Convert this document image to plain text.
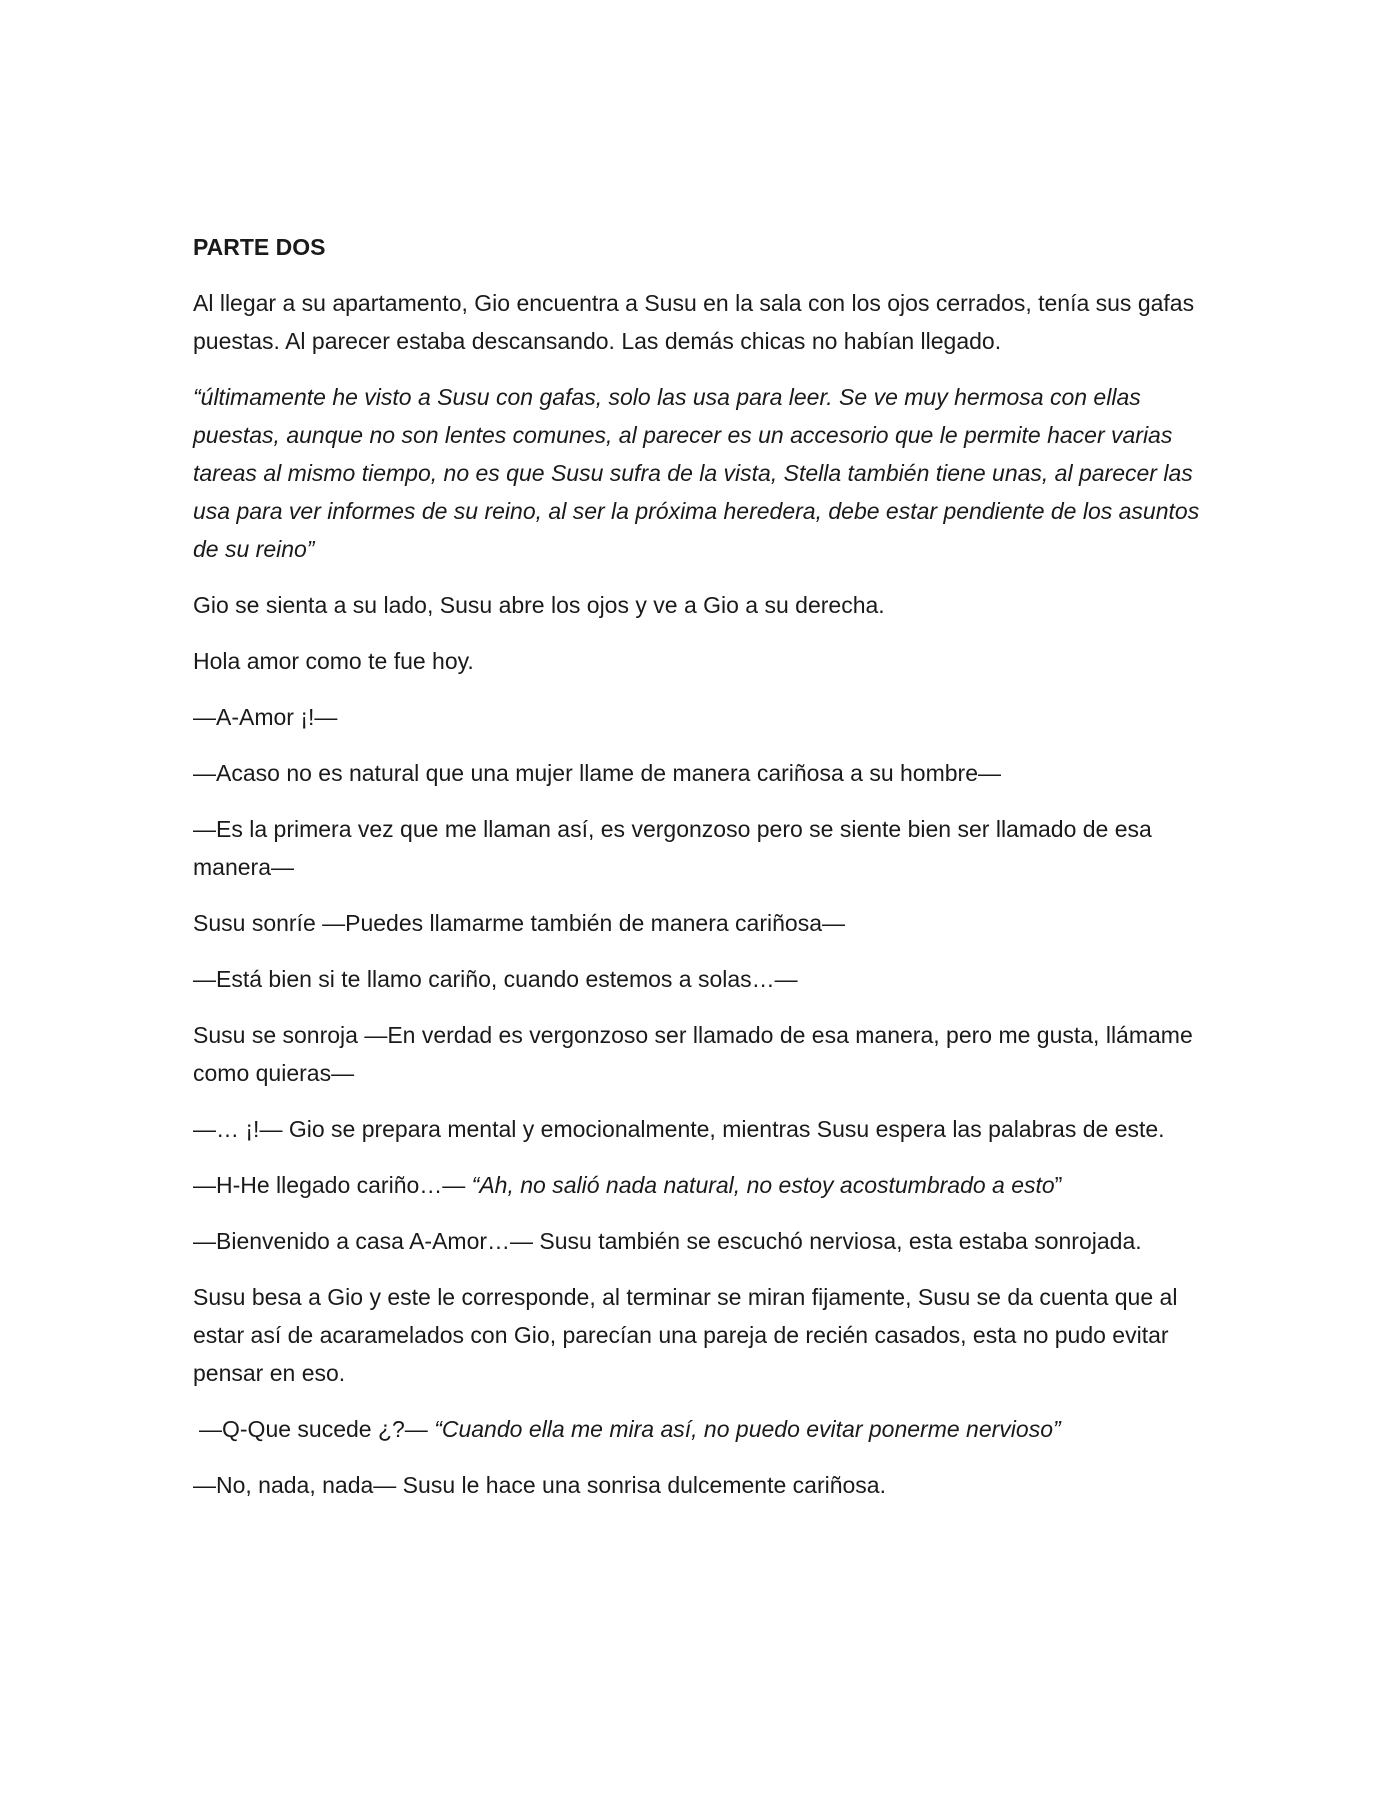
PARTE DOS

Al llegar a su apartamento, Gio encuentra a Susu en la sala con los ojos cerrados, tenía sus gafas puestas. Al parecer estaba descansando. Las demás chicas no habían llegado.

“últimamente he visto a Susu con gafas, solo las usa para leer. Se ve muy hermosa con ellas puestas, aunque no son lentes comunes, al parecer es un accesorio que le permite hacer varias tareas al mismo tiempo, no es que Susu sufra de la vista, Stella también tiene unas, al parecer las usa para ver informes de su reino, al ser la próxima heredera, debe estar pendiente de los asuntos de su reino”

Gio se sienta a su lado, Susu abre los ojos y ve a Gio a su derecha.

Hola amor como te fue hoy.

—A-Amor ¡!—

—Acaso no es natural que una mujer llame de manera cariñosa a su hombre—

—Es la primera vez que me llaman así, es vergonzoso pero se siente bien ser llamado de esa manera—

Susu sonríe —Puedes llamarme también de manera cariñosa—

—Está bien si te llamo cariño, cuando estemos a solas…—

Susu se sonroja —En verdad es vergonzoso ser llamado de esa manera, pero me gusta, llámame como quieras—

—… ¡!— Gio se prepara mental y emocionalmente, mientras Susu espera las palabras de este.

—H-He llegado cariño…— “Ah, no salió nada natural, no estoy acostumbrado a esto”

—Bienvenido a casa A-Amor…— Susu también se escuchó nerviosa, esta estaba sonrojada.

Susu besa a Gio y este le corresponde, al terminar se miran fijamente, Susu se da cuenta que al estar así de acaramelados con Gio, parecían una pareja de recién casados, esta no pudo evitar pensar en eso.

—Q-Que sucede ¿?— “Cuando ella me mira así, no puedo evitar ponerme nervioso”

—No, nada, nada— Susu le hace una sonrisa dulcemente cariñosa.
